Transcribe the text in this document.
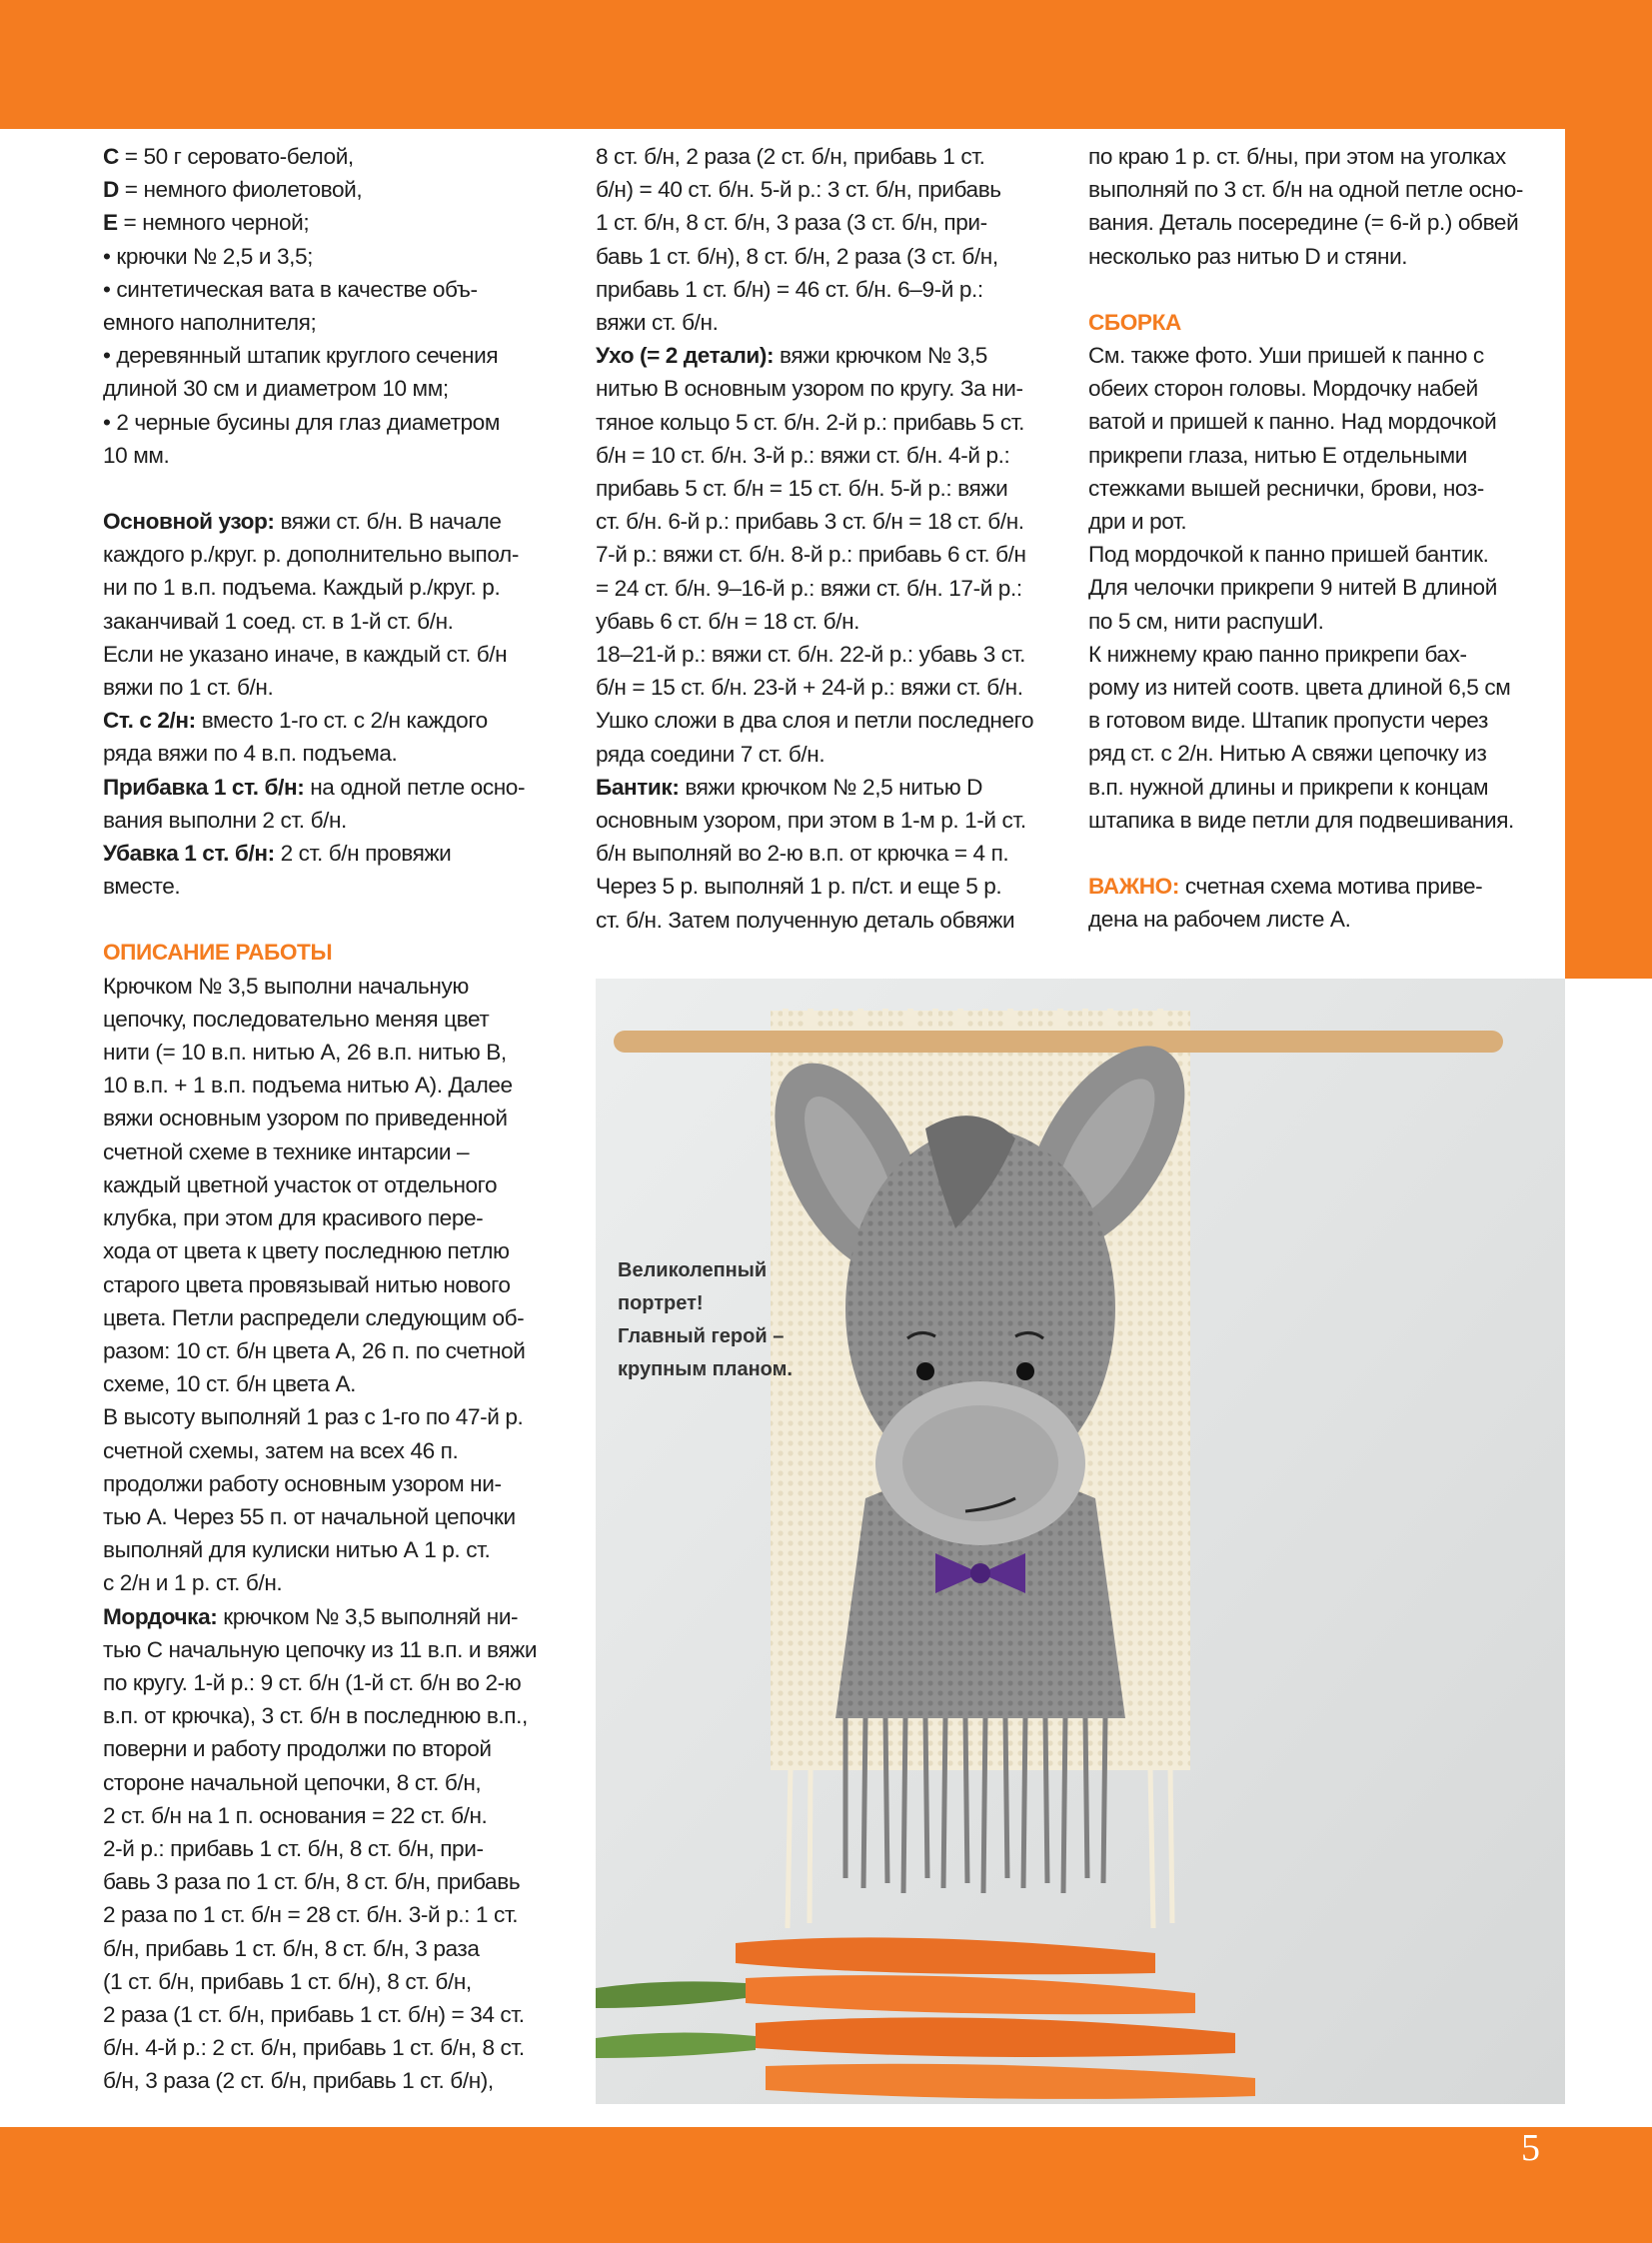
5

C = 50 г серовато-белой,

D = немного фиолетовой,

E = немного черной;

• крючки № 2,5 и 3,5;

• синтетическая вата в качестве объ-

емного наполнителя;

• деревянный штапик круглого сечения

длиной 30 см и диаметром 10 мм;

• 2 черные бусины для глаз диаметром

10 мм.

Основной узор: вяжи ст. б/н. В начале

каждого р./круг. р. дополнительно выпол-

ни по 1 в.п. подъема. Каждый р./круг. р.

заканчивай 1 соед. ст. в 1-й ст. б/н.

Если не указано иначе, в каждый ст. б/н

вяжи по 1 ст. б/н.

Ст. с 2/н: вместо 1-го ст. с 2/н каждого

ряда вяжи по 4 в.п. подъема.

Прибавка 1 ст. б/н: на одной петле осно-

вания выполни 2 ст. б/н.

Убавка 1 ст. б/н: 2 ст. б/н провяжи

вместе.

ОПИСАНИЕ РАБОТЫ

Крючком № 3,5 выполни начальную

цепочку, последовательно меняя цвет

нити (= 10 в.п. нитью А, 26 в.п. нитью В,

10 в.п. + 1 в.п. подъема нитью А). Далее

вяжи основным узором по приведенной

счетной схеме в технике интарсии –

каждый цветной участок от отдельного

клубка, при этом для красивого пере-

хода от цвета к цвету последнюю петлю

старого цвета провязывай нитью нового

цвета. Петли распредели следующим об-

разом: 10 ст. б/н цвета А, 26 п. по счетной

схеме, 10 ст. б/н цвета А.

В высоту выполняй 1 раз с 1-го по 47-й р.

счетной схемы, затем на всех 46 п.

продолжи работу основным узором ни-

тью А. Через 55 п. от начальной цепочки

выполняй для кулиски нитью А 1 р. ст.

с 2/н и 1 р. ст. б/н.

Мордочка: крючком № 3,5 выполняй ни-

тью С начальную цепочку из 11 в.п. и вяжи

по кругу. 1-й р.: 9 ст. б/н (1-й ст. б/н во 2-ю

в.п. от крючка), 3 ст. б/н в последнюю в.п.,

поверни и работу продолжи по второй

стороне начальной цепочки, 8 ст. б/н,

2 ст. б/н на 1 п. основания = 22 ст. б/н.

2-й р.: прибавь 1 ст. б/н, 8 ст. б/н, при-

бавь 3 раза по 1 ст. б/н, 8 ст. б/н, прибавь

2 раза по 1 ст. б/н = 28 ст. б/н. 3-й р.: 1 ст.

б/н, прибавь 1 ст. б/н, 8 ст. б/н, 3 раза

(1 ст. б/н, прибавь 1 ст. б/н), 8 ст. б/н,

2 раза (1 ст. б/н, прибавь 1 ст. б/н) = 34 ст.

б/н. 4-й р.: 2 ст. б/н, прибавь 1 ст. б/н, 8 ст.

б/н, 3 раза (2 ст. б/н, прибавь 1 ст. б/н),

8 ст. б/н, 2 раза (2 ст. б/н, прибавь 1 ст.

б/н) = 40 ст. б/н. 5-й р.: 3 ст. б/н, прибавь

1 ст. б/н, 8 ст. б/н, 3 раза (3 ст. б/н, при-

бавь 1 ст. б/н), 8 ст. б/н, 2 раза (3 ст. б/н,

прибавь 1 ст. б/н) = 46 ст. б/н. 6–9-й р.:

вяжи ст. б/н.

Ухо (= 2 детали): вяжи крючком № 3,5

нитью В основным узором по кругу. За ни-

тяное кольцо 5 ст. б/н. 2-й р.: прибавь 5 ст.

б/н = 10 ст. б/н. 3-й р.: вяжи ст. б/н. 4-й р.:

прибавь 5 ст. б/н = 15 ст. б/н. 5-й р.: вяжи

ст. б/н. 6-й р.: прибавь 3 ст. б/н = 18 ст. б/н.

7-й р.: вяжи ст. б/н. 8-й р.: прибавь 6 ст. б/н

= 24 ст. б/н. 9–16-й р.: вяжи ст. б/н. 17-й р.:

убавь 6 ст. б/н = 18 ст. б/н.

18–21-й р.: вяжи ст. б/н. 22-й р.: убавь 3 ст.

б/н = 15 ст. б/н. 23-й + 24-й р.: вяжи ст. б/н.

Ушко сложи в два слоя и петли последнего

ряда соедини 7 ст. б/н.

Бантик: вяжи крючком № 2,5 нитью D

основным узором, при этом в 1-м р. 1-й ст.

б/н выполняй во 2-ю в.п. от крючка = 4 п.

Через 5 р. выполняй 1 р. п/ст. и еще 5 р.

ст. б/н. Затем полученную деталь обвяжи

по краю 1 р. ст. б/ны, при этом на уголках

выполняй по 3 ст. б/н на одной петле осно-

вания. Деталь посередине (= 6-й р.) обвей

несколько раз нитью D и стяни.

СБОРКА

См. также фото. Уши пришей к панно с

обеих сторон головы. Мордочку набей

ватой и пришей к панно. Над мордочкой

прикрепи глаза, нитью Е отдельными

стежками вышей реснички, брови, ноз-

дри и рот.

Под мордочкой к панно пришей бантик.

Для челочки прикрепи 9 нитей В длиной

по 5 см, нити распушИ.

К нижнему краю панно прикрепи бах-

рому из нитей соотв. цвета длиной 6,5 см

в готовом виде. Штапик пропусти через

ряд ст. с 2/н. Нитью А свяжи цепочку из

в.п. нужной длины и прикрепи к концам

штапика в виде петли для подвешивания.

ВАЖНО: счетная схема мотива приве-

дена на рабочем листе А.

Великолепный
портрет!
Главный герой –
крупным планом.
